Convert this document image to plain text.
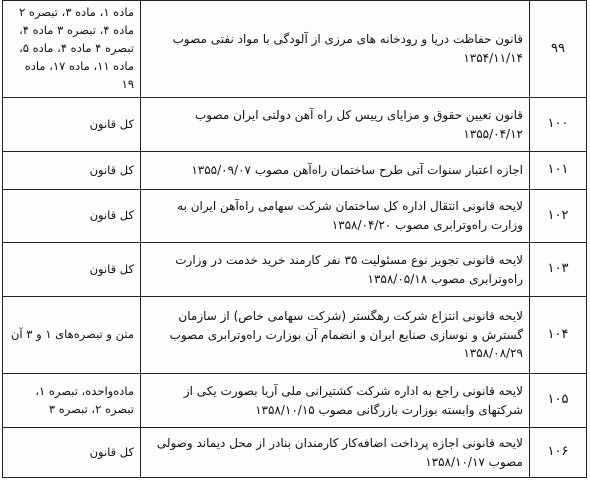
۹۹	قانون حفاظت دریا و رودخانه های مرزی از آلودگی با مواد نفتی مصوب ۱۳۵۴/۱۱/۱۴	ماده ۱، ماده ۳، تبصره ۲ ماده ۴، تبصره ۳ ماده ۴، تبصره ۴ ماده ۴، ماده ۵، ماده ۱۱، ماده ۱۷، ماده ۱۹
۱۰۰	قانون تعیین حقوق و مزایای رییس کل راه آهن دولتی ایران مصوب ۱۳۵۵/۰۴/۱۲	کل قانون
۱۰۱	اجازه اعتبار سنوات آتی طرح ساختمان راه‌آهن مصوب ۱۳۵۵/۰۹/۰۷	کل قانون
۱۰۲	لایحه قانونی انتقال اداره کل ساختمان شرکت سهامی راه‌آهن ایران به وزارت راه‌وترابری مصوب ۱۳۵۸/۰۴/۲۰	کل قانون
۱۰۳	لایحه قانونی تجویز نوع مسئولیت ۳۵ نفر کارمند خرید خدمت در وزارت راه‌وترابری مصوب ۱۳۵۸/۰۵/۱۸	کل قانون
۱۰۴	لایحه قانونی انتزاع شرکت رهگستر (شرکت سهامی خاص) از سازمان گسترش و نوسازی صنایع ایران و انضمام آن بوزارت راه‌وترابری مصوب ۱۳۵۸/۰۸/۲۹	متن و تبصره‌های ۱ و ۳ آن
۱۰۵	لایحه قانونی راجع به اداره شرکت کشتیرانی ملی آریا بصورت یکی از شرکتهای وابسته بوزارت بازرگانی مصوب ۱۳۵۸/۱۰/۱۵	ماده‌واحده، تبصره ۱، تبصره ۲، تبصره ۳
۱۰۶	لایحه قانونی اجازه پرداخت اضافه‌کار کارمندان بنادر از محل دیماند وصولی مصوب ۱۳۵۸/۱۰/۱۷	کل قانون
